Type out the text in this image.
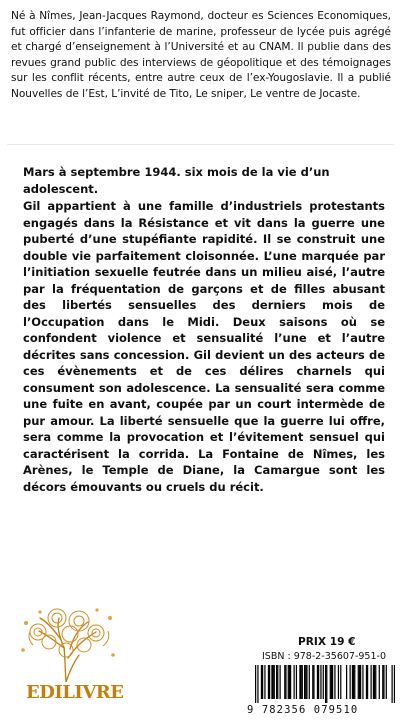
Né à Nîmes, Jean-Jacques Raymond, docteur es Sciences Economiques, fut officier dans l’infanterie de marine, professeur de lycée puis agrégé et chargé d’enseignement à l’Université et au CNAM. Il publie dans des revues grand public des interviews de géopolitique et des témoignages sur les conflit récents, entre autre ceux de l’ex-Yougoslavie. Il a publié Nouvelles de l’Est, L’invité de Tito, Le sniper, Le ventre de Jocaste.

Mars à septembre 1944. six mois de la vie d’un adolescent.

Gil appartient à une famille d’industriels protestants engagés dans la Résistance et vit dans la guerre une puberté d’une stupéfiante rapidité. Il se construit une double vie parfaitement cloisonnée. L’une marquée par l’initiation sexuelle feutrée dans un milieu aisé, l’autre par la fréquentation de garçons et de filles abusant des libertés sensuelles des derniers mois de l’Occupation dans le Midi. Deux saisons où se confondent violence et sensualité l’une et l’autre décrites sans concession. Gil devient un des acteurs de ces évènements et de ces délires charnels qui consument son adolescence. La sensualité sera comme une fuite en avant, coupée par un court intermède de pur amour. La liberté sensuelle que la guerre lui offre, sera comme la provocation et l’évitement sensuel qui caractérisent la corrida. La Fontaine de Nîmes, les Arènes, le Temple de Diane, la Camargue sont les décors émouvants ou cruels du récit.

EDILIVRE
PRIX 19 €
ISBN : 978-2-35607-951-0
9 782356 079510
